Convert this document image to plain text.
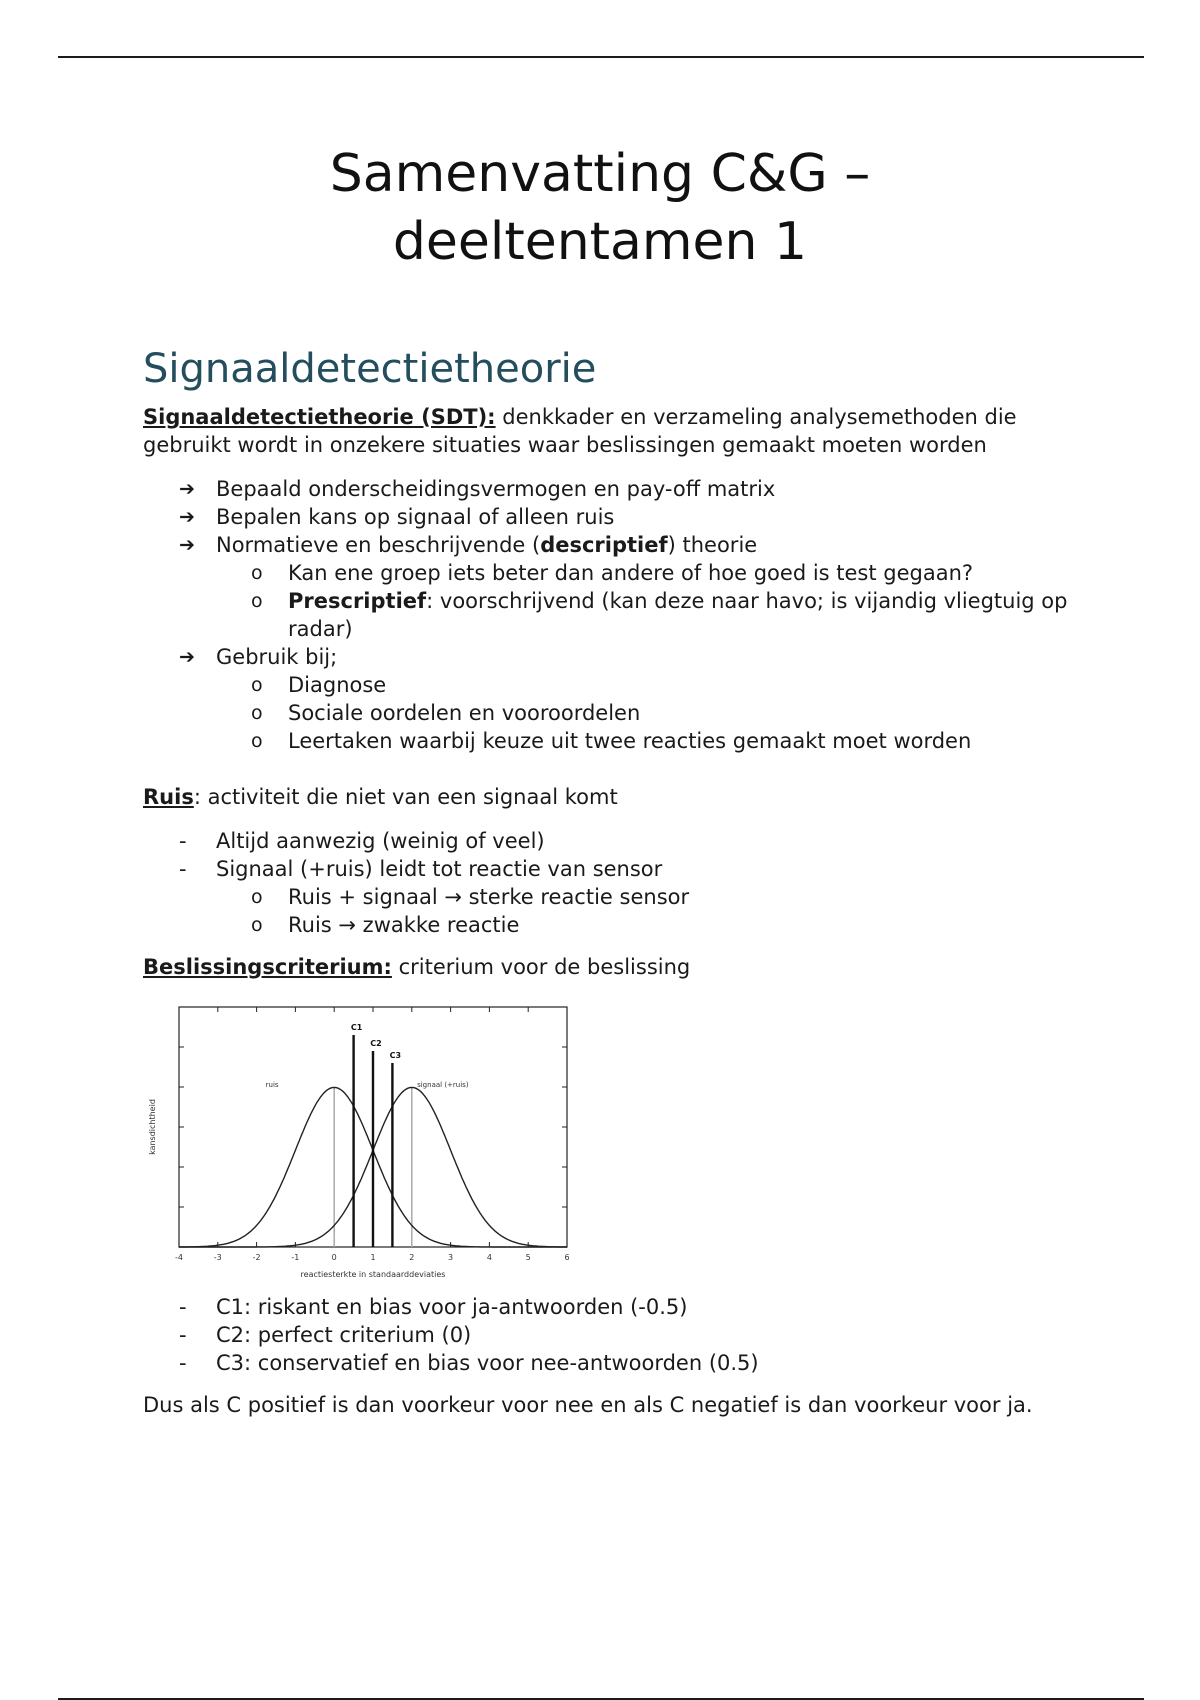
Samenvatting C&G –
deeltentamen 1
Signaaldetectietheorie

Signaaldetectietheorie (SDT): denkkader en verzameling analysemethoden die gebruikt wordt in onzekere situaties waar beslissingen gemaakt moeten worden

➔	Bepaald onderscheidingsvermogen en pay-off matrix
➔	Bepalen kans op signaal of alleen ruis
➔	Normatieve en beschrijvende (descriptief) theorie
o	Kan ene groep iets beter dan andere of hoe goed is test gegaan?
o	Prescriptief: voorschrijvend (kan deze naar havo; is vijandig vliegtuig op radar)
➔	Gebruik bij;
o	Diagnose
o	Sociale oordelen en vooroordelen
o	Leertaken waarbij keuze uit twee reacties gemaakt moet worden

Ruis: activiteit die niet van een signaal komt

-	Altijd aanwezig (weinig of veel)
-	Signaal (+ruis) leidt tot reactie van sensor
o	Ruis + signaal → sterke reactie sensor
o	Ruis → zwakke reactie

Beslissingscriterium: criterium voor de beslissing

-4	-3	-2	-1	0	1	2	3	4	5	6
ruis	signaal (+ruis)
C1
C2
C3
reactiesterkte in standaarddeviaties
kansdichtheid
-	C1: riskant en bias voor ja-antwoorden (-0.5)
-	C2: perfect criterium (0)
-	C3: conservatief en bias voor nee-antwoorden (0.5)

Dus als C positief is dan voorkeur voor nee en als C negatief is dan voorkeur voor ja.
